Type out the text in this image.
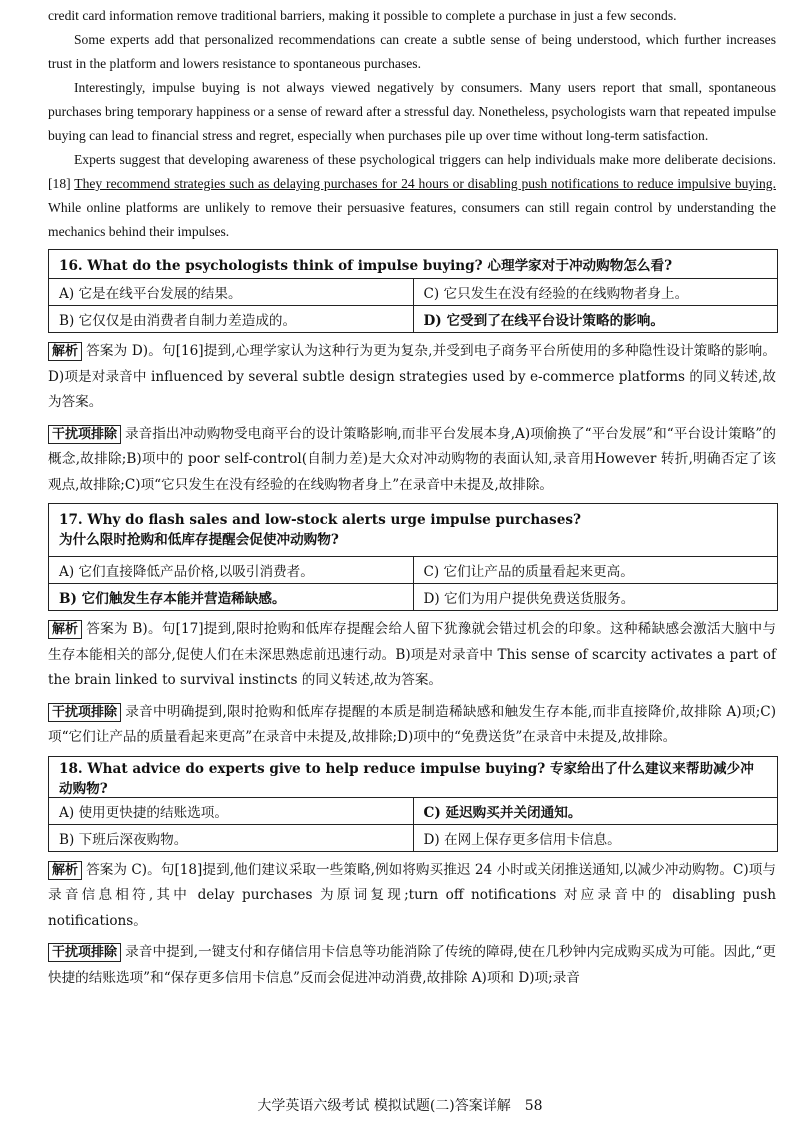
credit card information remove traditional barriers, making it possible to complete a purchase in just a few seconds.

Some experts add that personalized recommendations can create a subtle sense of being understood, which further increases trust in the platform and lowers resistance to spontaneous purchases.

Interestingly, impulse buying is not always viewed negatively by consumers. Many users report that small, spontaneous purchases bring temporary happiness or a sense of reward after a stressful day. Nonetheless, psychologists warn that repeated impulse buying can lead to financial stress and regret, especially when purchases pile up over time without long-term satisfaction.

Experts suggest that developing awareness of these psychological triggers can help individuals make more deliberate decisions. [18] They recommend strategies such as delaying purchases for 24 hours or disabling push notifications to reduce impulsive buying. While online platforms are unlikely to remove their persuasive features, consumers can still regain control by understanding the mechanics behind their impulses.

16. What do the psychologists think of impulse buying? 心理学家对于冲动购物怎么看?	
A) 它是在线平台发展的结果。	C) 它只发生在没有经验的在线购物者身上。
B) 它仅仅是由消费者自制力差造成的。	D) 它受到了在线平台设计策略的影响。

解析 答案为 D)。句[16]提到,心理学家认为这种行为更为复杂,并受到电子商务平台所使用的多种隐性设计策略的影响。D)项是对录音中 influenced by several subtle design strategies used by e-commerce platforms 的同义转述,故为答案。

干扰项排除 录音指出冲动购物受电商平台的设计策略影响,而非平台发展本身,A)项偷换了“平台发展”和“平台设计策略”的概念,故排除;B)项中的 poor self-control(自制力差)是大众对冲动购物的表面认知,录音用However 转折,明确否定了该观点,故排除;C)项“它只发生在没有经验的在线购物者身上”在录音中未提及,故排除。

17. Why do flash sales and low-stock alerts urge impulse purchases?
为什么限时抢购和低库存提醒会促使冲动购物?	

A) 它们直接降低产品价格,以吸引消费者。	C) 它们让产品的质量看起来更高。
B) 它们触发生存本能并营造稀缺感。	D) 它们为用户提供免费送货服务。

解析 答案为 B)。句[17]提到,限时抢购和低库存提醒会给人留下犹豫就会错过机会的印象。这种稀缺感会激活大脑中与生存本能相关的部分,促使人们在未深思熟虑前迅速行动。B)项是对录音中 This sense of scarcity activates a part of the brain linked to survival instincts 的同义转述,故为答案。

干扰项排除 录音中明确提到,限时抢购和低库存提醒的本质是制造稀缺感和触发生存本能,而非直接降价,故排除 A)项;C)项“它们让产品的质量看起来更高”在录音中未提及,故排除;D)项中的“免费送货”在录音中未提及,故排除。

18. What advice do experts give to help reduce impulse buying? 专家给出了什么建议来帮助减少冲动购物?	
A) 使用更快捷的结账选项。	C) 延迟购买并关闭通知。
B) 下班后深夜购物。	D) 在网上保存更多信用卡信息。

解析 答案为 C)。句[18]提到,他们建议采取一些策略,例如将购买推迟 24 小时或关闭推送通知,以减少冲动购物。C)项与录音信息相符,其中 delay purchases 为原词复现;turn off notifications 对应录音中的 disabling push notifications。

干扰项排除 录音中提到,一键支付和存储信用卡信息等功能消除了传统的障碍,使在几秒钟内完成购买成为可能。因此,“更快捷的结账选项”和“保存更多信用卡信息”反而会促进冲动消费,故排除 A)项和 D)项;录音

大学英语六级考试 模拟试题(二)答案详解 58
